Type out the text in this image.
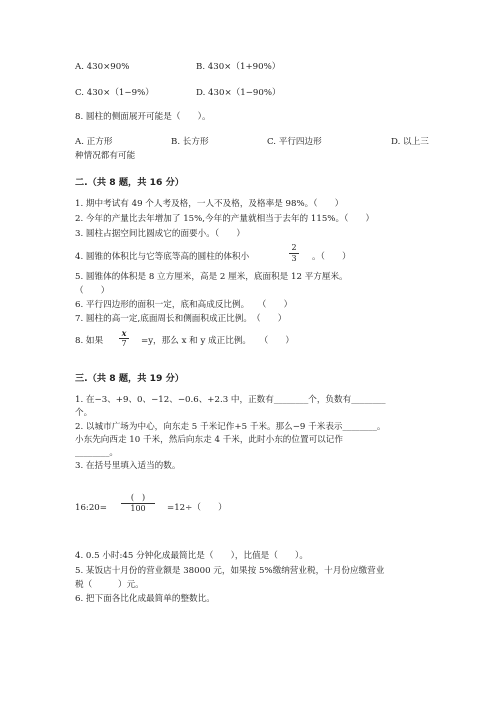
A. 430×90%	B. 430×（1+90%）
C. 430×（1−9%）	D. 430×（1−90%）
8. 圆柱的侧面展开可能是（　　）。
A. 正方形	B. 长方形	C. 平行四边形	D. 以上三
种情况都有可能
二.（共 8 题，共 16 分）
1. 期中考试有 49 个人考及格，一人不及格，及格率是 98%。（　　）
2. 今年的产量比去年增加了 15%,今年的产量就相当于去年的 115%。（　　）
3. 圆柱占据空间比圆成它的面要小。（　　）
4. 圆锥的体积比与它等底等高的圆柱的体积小
2
3 。（　　）
5. 圆锥体的体积是 8 立方厘米，高是 2 厘米，底面积是 12 平方厘米。
（　　）
6. 平行四边形的面积一定，底和高成反比例。　　（　　）
7. 圆柱的高一定,底面周长和侧面积成正比例。　（　　）
8. 如果
x
7 =y，那么 x 和 y 成正比例。　　（　　）
三.（共 8 题，共 19 分）
1. 在−3、+9、0、−12、−0.6、+2.3 中，正数有________个，负数有________
个。
2. 以城市广场为中心，向东走 5 千米记作+5 千米。那么−9 千米表示________。
小东先向西走 10 千米，然后向东走 4 千米，此时小东的位置可以记作
________。
3. 在括号里填入适当的数。
16:20=
(　)
100	=12÷（　　）
4. 0.5 小时:45 分钟化成最简比是（　　），比值是（　　）。
5. 某饭店十月份的营业额是 38000 元，如果按 5%缴纳营业税，十月份应缴营业
税（　　　）元。
6. 把下面各比化成最简单的整数比。
